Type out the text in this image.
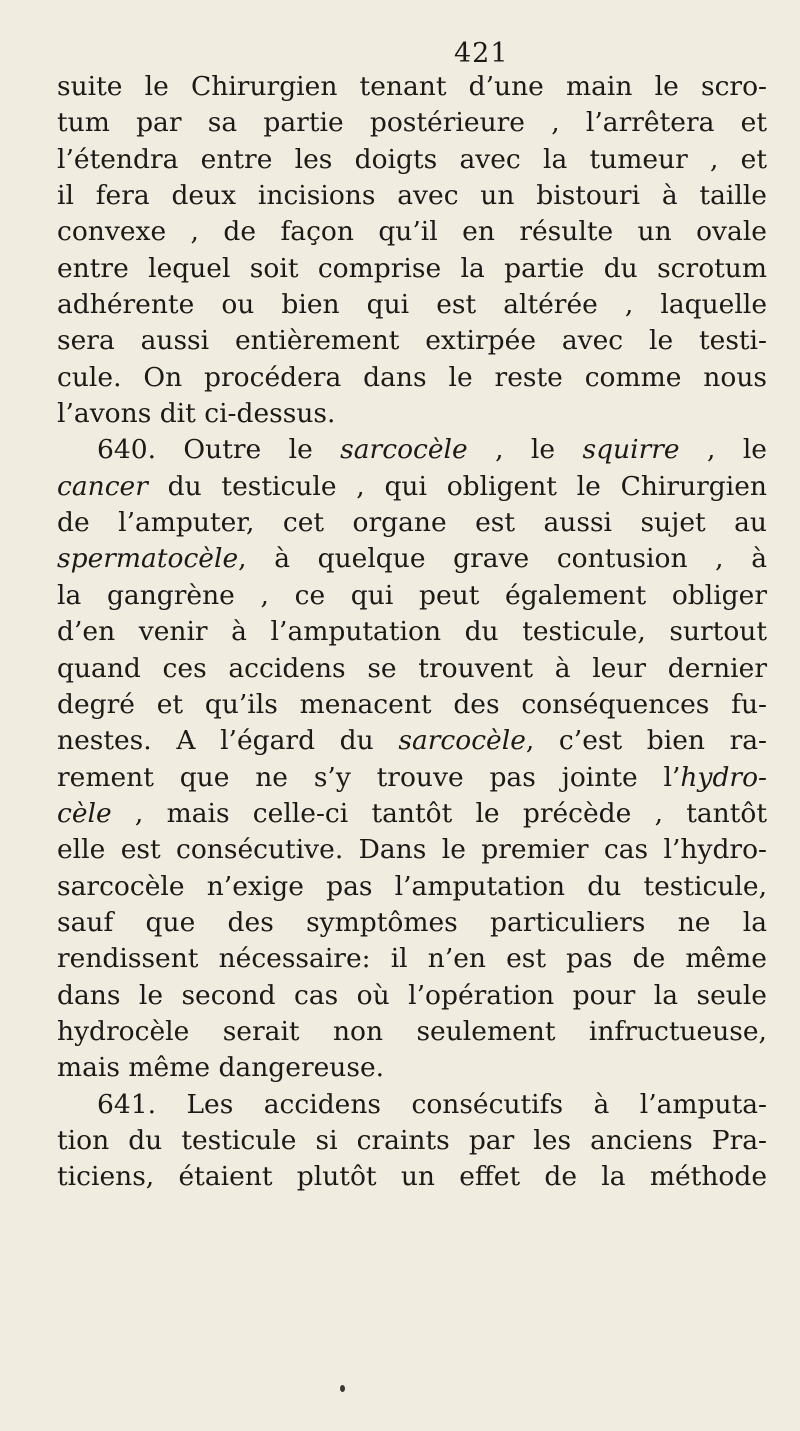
421
suite le Chirurgien tenant d’une main le scro-
tum par sa partie postérieure , l’arrêtera et
l’étendra entre les doigts avec la tumeur , et
il fera deux incisions avec un bistouri à taille
convexe , de façon qu’il en résulte un ovale
entre lequel soit comprise la partie du scrotum
adhérente ou bien qui est altérée , laquelle
sera aussi entièrement extirpée avec le testi-
cule. On procédera dans le reste comme nous
l’avons dit ci-dessus.
640. Outre le sarcocèle , le squirre , le
cancer du testicule , qui obligent le Chirurgien
de l’amputer, cet organe est aussi sujet au
spermatocèle, à quelque grave contusion , à
la gangrène , ce qui peut également obliger
d’en venir à l’amputation du testicule, surtout
quand ces accidens se trouvent à leur dernier
degré et qu’ils menacent des conséquences fu-
nestes. A l’égard du sarcocèle, c’est bien ra-
rement que ne s’y trouve pas jointe l’hydro-
cèle , mais celle-ci tantôt le précède , tantôt
elle est consécutive. Dans le premier cas l’hydro-
sarcocèle n’exige pas l’amputation du testicule,
sauf que des symptômes particuliers ne la
rendissent nécessaire: il n’en est pas de même
dans le second cas où l’opération pour la seule
hydrocèle serait non seulement infructueuse,
mais même dangereuse.
641. Les accidens consécutifs à l’amputa-
tion du testicule si craints par les anciens Pra-
ticiens, étaient plutôt un effet de la méthode
